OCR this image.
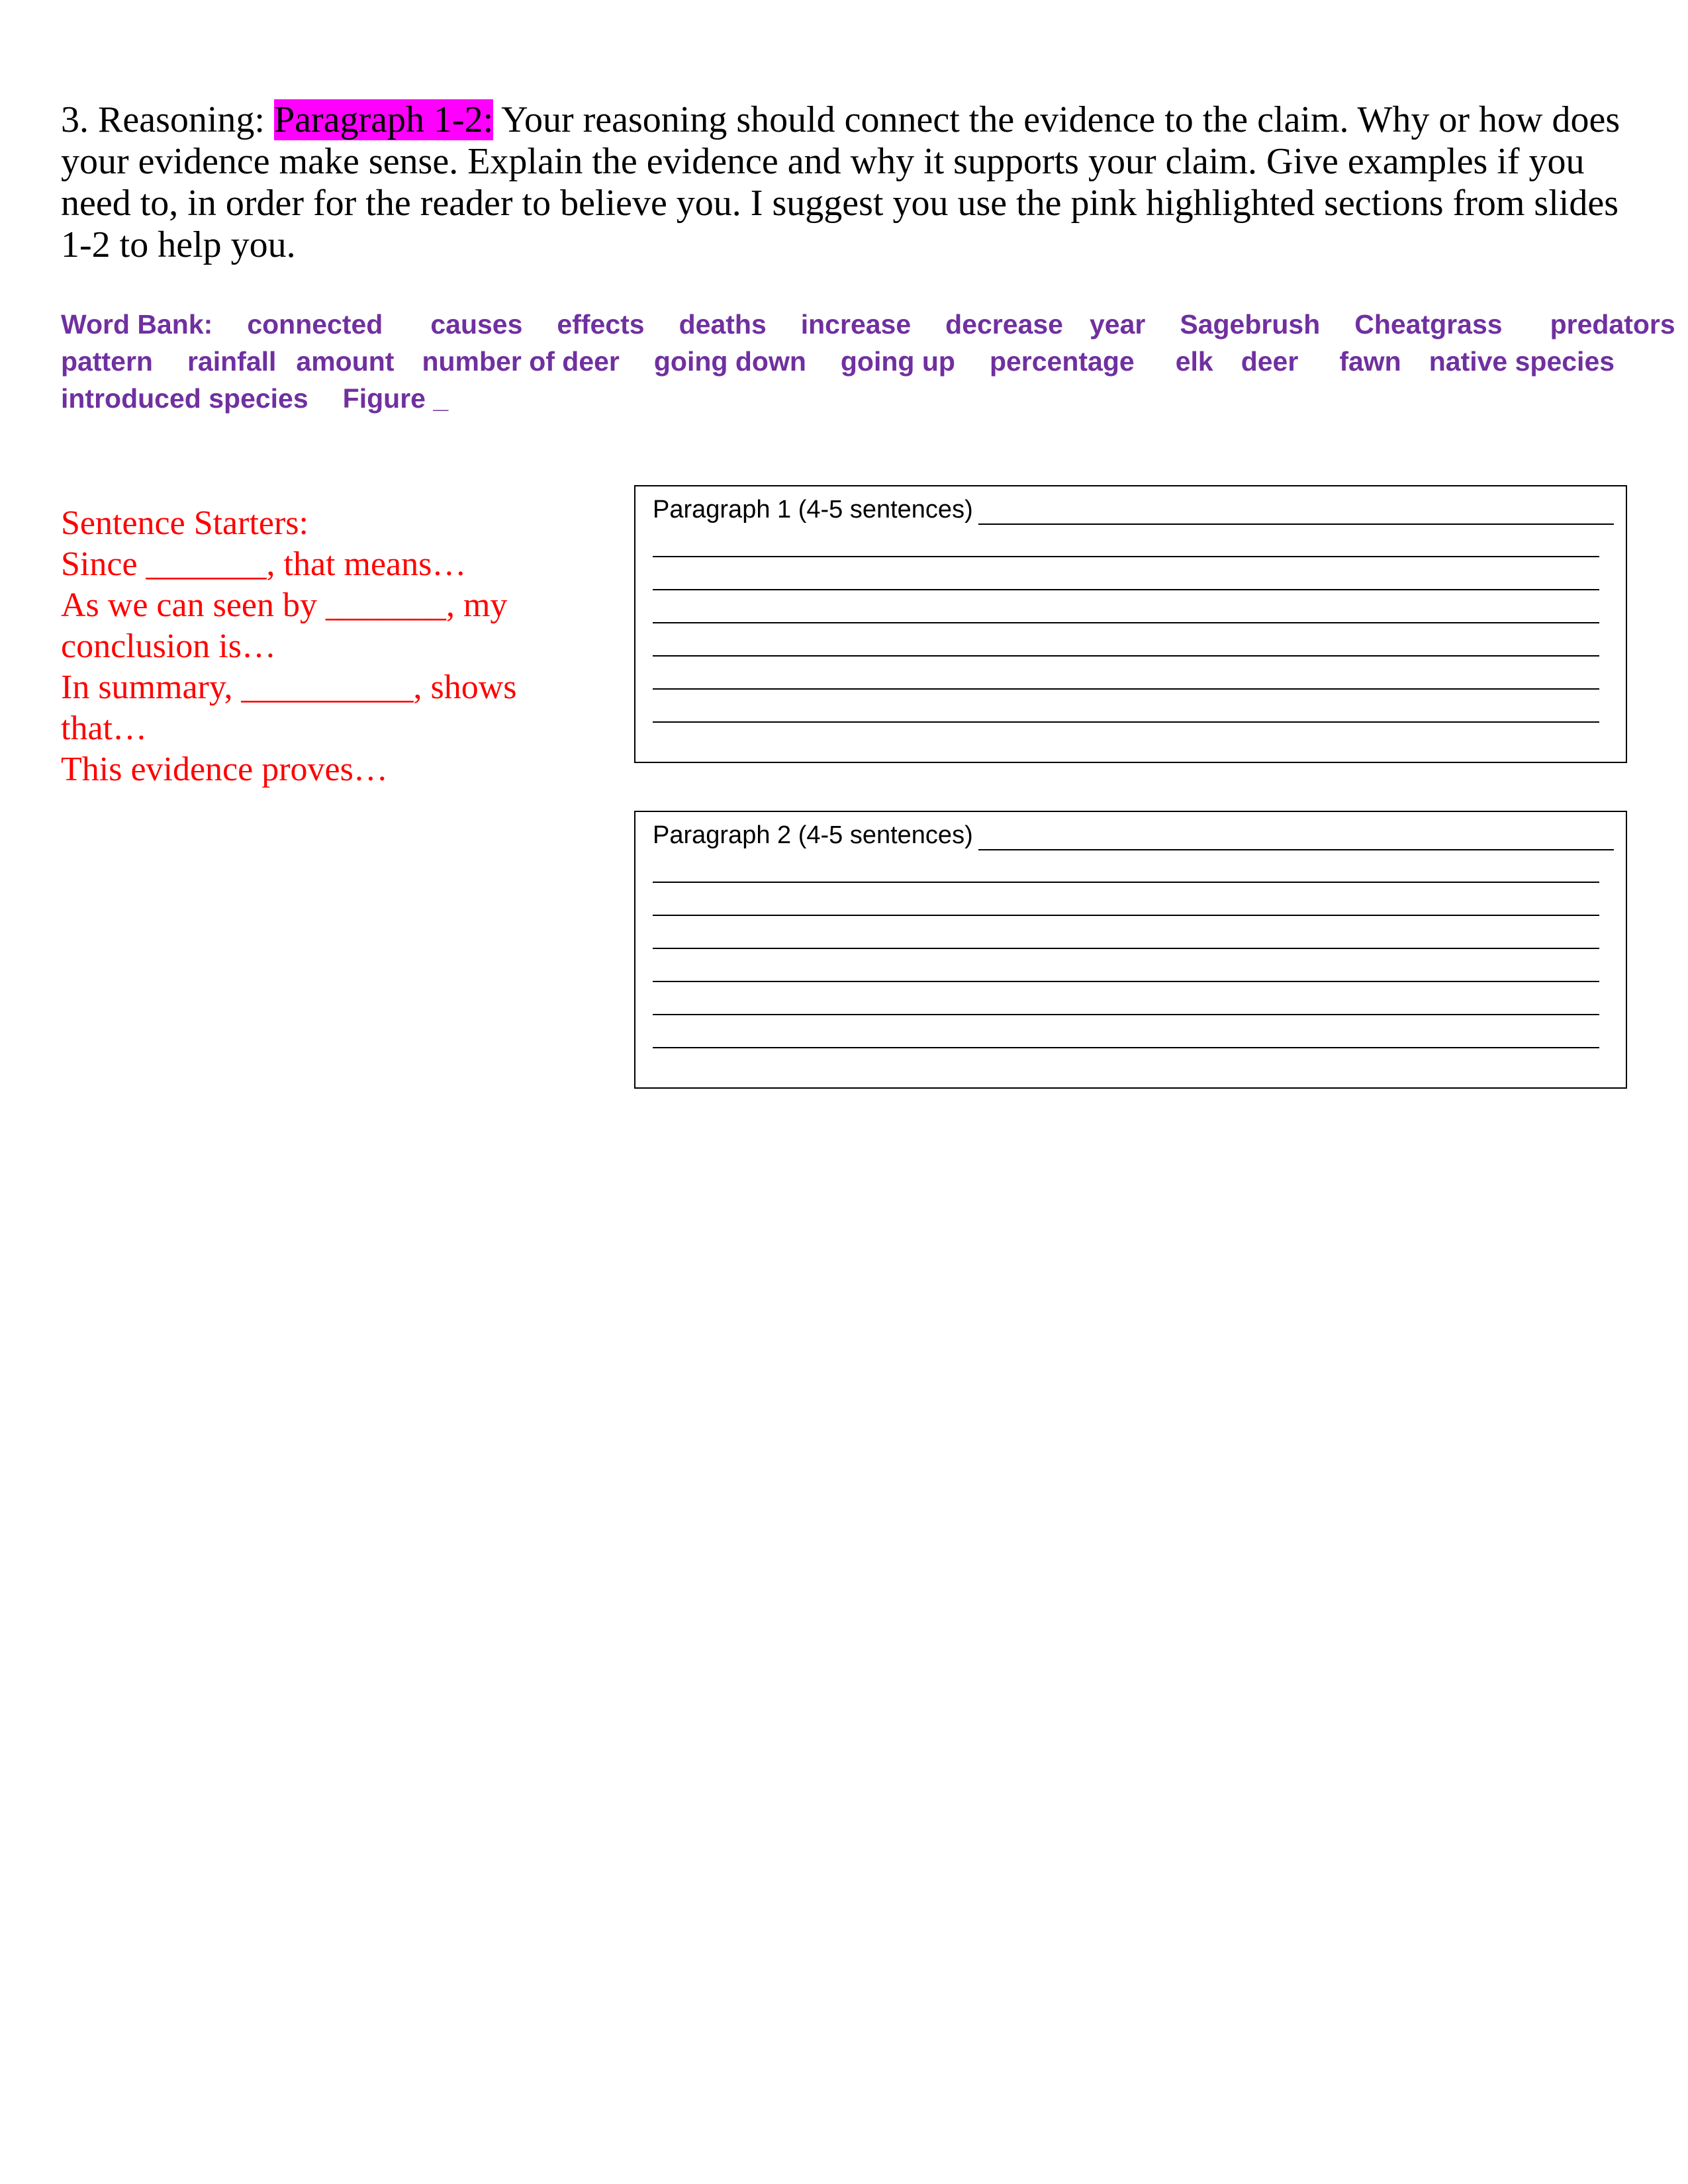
3. Reasoning: Paragraph 1-2: Your reasoning should connect the evidence to the claim. Why or how does your evidence make sense. Explain the evidence and why it supports your claim. Give examples if you need to, in order for the reader to believe you. I suggest you use the pink highlighted sections from slides 1-2 to help you.
Word Bank: connected causes effects deaths increase decrease year Sagebrush Cheatgrass predators
pattern rainfall amount number of deer going down going up percentage elk deer fawn native species
introduced species Figure _
Sentence Starters:
Since _______, that means…
As we can seen by _______, my conclusion is…
In summary, __________, shows that…
This evidence proves…
Paragraph 1 (4-5 sentences)
Paragraph 2 (4-5 sentences)
